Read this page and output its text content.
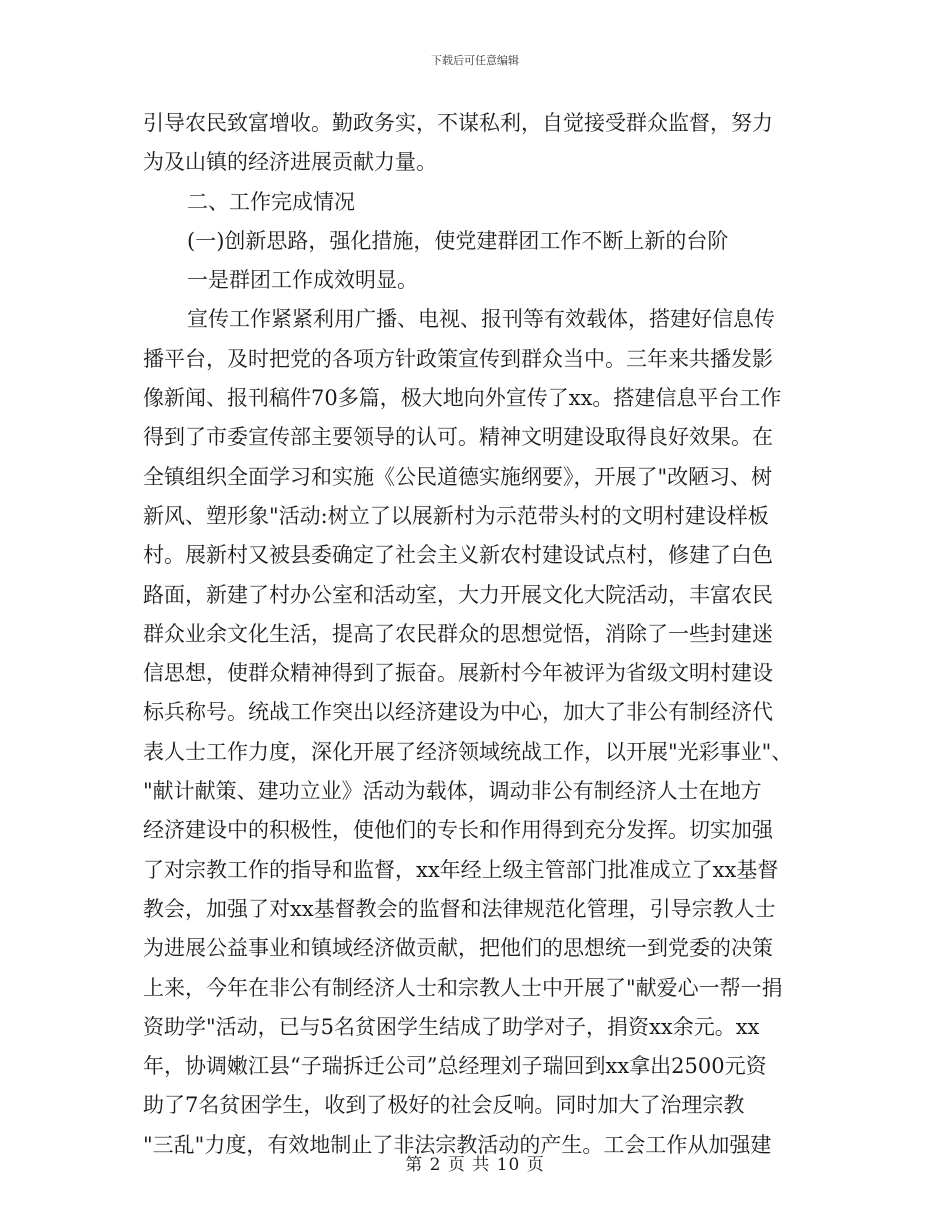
下载后可任意编辑
引导农民致富增收。勤政务实，不谋私利，自觉接受群众监督，努力
为及山镇的经济进展贡献力量。
二、工作完成情况
(一)创新思路，强化措施，使党建群团工作不断上新的台阶
一是群团工作成效明显。
宣传工作紧紧利用广播、电视、报刊等有效载体，搭建好信息传
播平台，及时把党的各项方针政策宣传到群众当中。三年来共播发影
像新闻、报刊稿件70多篇，极大地向外宣传了xx。搭建信息平台工作
得到了市委宣传部主要领导的认可。精神文明建设取得良好效果。在
全镇组织全面学习和实施《公民道德实施纲要》，开展了"改陋习、树
新风、塑形象"活动:树立了以展新村为示范带头村的文明村建设样板
村。展新村又被县委确定了社会主义新农村建设试点村，修建了白色
路面，新建了村办公室和活动室，大力开展文化大院活动，丰富农民
群众业余文化生活，提高了农民群众的思想觉悟，消除了一些封建迷
信思想，使群众精神得到了振奋。展新村今年被评为省级文明村建设
标兵称号。统战工作突出以经济建设为中心，加大了非公有制经济代
表人士工作力度，深化开展了经济领域统战工作，以开展"光彩事业"、
"献计献策、建功立业》活动为载体，调动非公有制经济人士在地方
经济建设中的积极性，使他们的专长和作用得到充分发挥。切实加强
了对宗教工作的指导和监督，xx年经上级主管部门批准成立了xx基督
教会，加强了对xx基督教会的监督和法律规范化管理，引导宗教人士
为进展公益事业和镇域经济做贡献，把他们的思想统一到党委的决策
上来，今年在非公有制经济人士和宗教人士中开展了"献爱心一帮一捐
资助学"活动，已与5名贫困学生结成了助学对子，捐资xx余元。xx
年，协调嫩江县“子瑞拆迁公司”总经理刘子瑞回到xx拿出2500元资
助了7名贫困学生，收到了极好的社会反响。同时加大了治理宗教
"三乱"力度，有效地制止了非法宗教活动的产生。工会工作从加强建
第 2 页 共 10 页
